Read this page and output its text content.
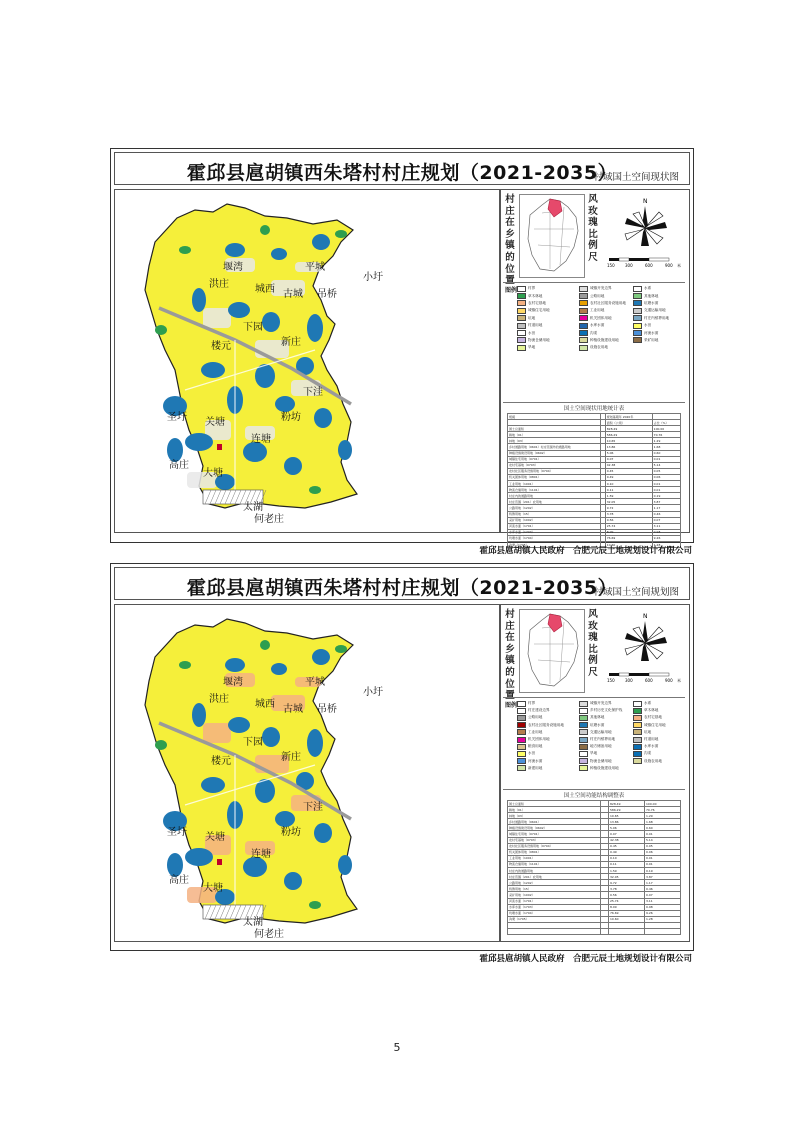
霍邱县扈胡镇西朱塔村村庄规划（2021-2035）
村域国土空间现状图
堰湾	平城
小圩
洪庄
古城
城西	吊桥
下园
楼元	新庄
下洼
圣圩 关塘	粉坊
连塘
高庄
大塘
太湖
何老庄
村庄在乡镇的位置
风玫瑰比例尺
N
150	300	600	900 米
图例	村界	城镇开发边界	水系
草木林地	公路用地	其他林地
农村宅基地	农村社区服务设施用地	坑塘水面
城镇住宅用地	工业用地	交通运输用地
坑地	机关团体用地	村庄内殡葬用地
村道用地	水库水面	水田
水田	沟渠	河流水面
物流仓储用地	种植设施建设用地	采矿用地
旱地	设施农用地
国土空间现状用地统计表
规模		规划基期年 2020年	
		面积（公顷）	占比（%）
国土总面积		828.49	100.00
耕地（01）		586.29	70.76
林地（03）		10.65	1.29
乡村道路用地（0601）村庄范围外的道路用地		13.86	1.68
种植设施建设用地（0602）		5.06	0.60
城镇住宅用地（0701）		0.07	0.01
农村宅基地（0703）		42.38	5.14
农村社区服务设施用地（0704）		0.45	0.05
机关团体用地（0801）		0.49	0.06
工业用地（1001）		0.10	0.01
物流仓储用地（1101）		0.11	0.01
村庄内的道路用地		1.59	0.19
村庄范围（201）农用地		32.05	3.87
公路用地（1202）		9.72	1.17
特殊用地（15）		3.78	0.46
采矿用地（1002）		0.56	0.07
河流水面（1701）		25.74	3.11
水库水面（1703）		8.09	0.98
坑塘水面（1704）		76.69	9.26
沟渠（1705）		10.60	1.28
霍邱县扈胡镇人民政府　合肥元辰土地规划设计有限公司
霍邱县扈胡镇西朱塔村村庄规划（2021-2035）
村域国土空间规划图
堰湾	平城
小圩
洪庄
古城
城西	吊桥
下园
楼元	新庄
下洼
圣圩 关塘	粉坊
连塘
高庄
大塘
太湖
何老庄
村庄在乡镇的位置
风玫瑰比例尺
N
150	300	600	900 米
图例	村界	城镇开发边界	水系
村庄建设边界	乡村历史文化保护线	草木林地
公路用地	其他林地	农村宅基地
农村社区服务设施用地	坑塘水面	城镇住宅用地
工业用地	交通运输用地	坑地
机关团体用地	村庄内殡葬用地	村道用地
粮食用地	地方储备用地	水库水面
水田	旱地	沟渠
河流水面	物流仓储用地	设施农用地
新建用地	种植设施建设用地
国土空间功能结构调整表
国土总面积		828.49	100.00
耕地（01）		586.29	70.76
林地（03）		10.65	1.29
乡村道路用地（0601）		13.86	1.68
种植设施建设用地（0602）		5.06	0.60
城镇住宅用地（0701）		0.07	0.01
农村宅基地（0703）		42.38	5.14
农村社区服务设施用地（0704）		0.45	0.05
机关团体用地（0801）		0.49	0.06
工业用地（1001）		0.10	0.01
物流仓储用地（1101）		0.11	0.01
村庄内的道路用地		1.59	0.19
村庄范围（201）农用地		32.05	3.87
公路用地（1202）		9.72	1.17
特殊用地（15）		3.78	0.46
采矿用地（1002）		0.56	0.07
河流水面（1701）		25.74	3.11
水库水面（1703）		8.09	0.98
坑塘水面（1704）		76.69	9.26
沟渠（1705）		10.60	1.28

霍邱县扈胡镇人民政府　合肥元辰土地规划设计有限公司
5
